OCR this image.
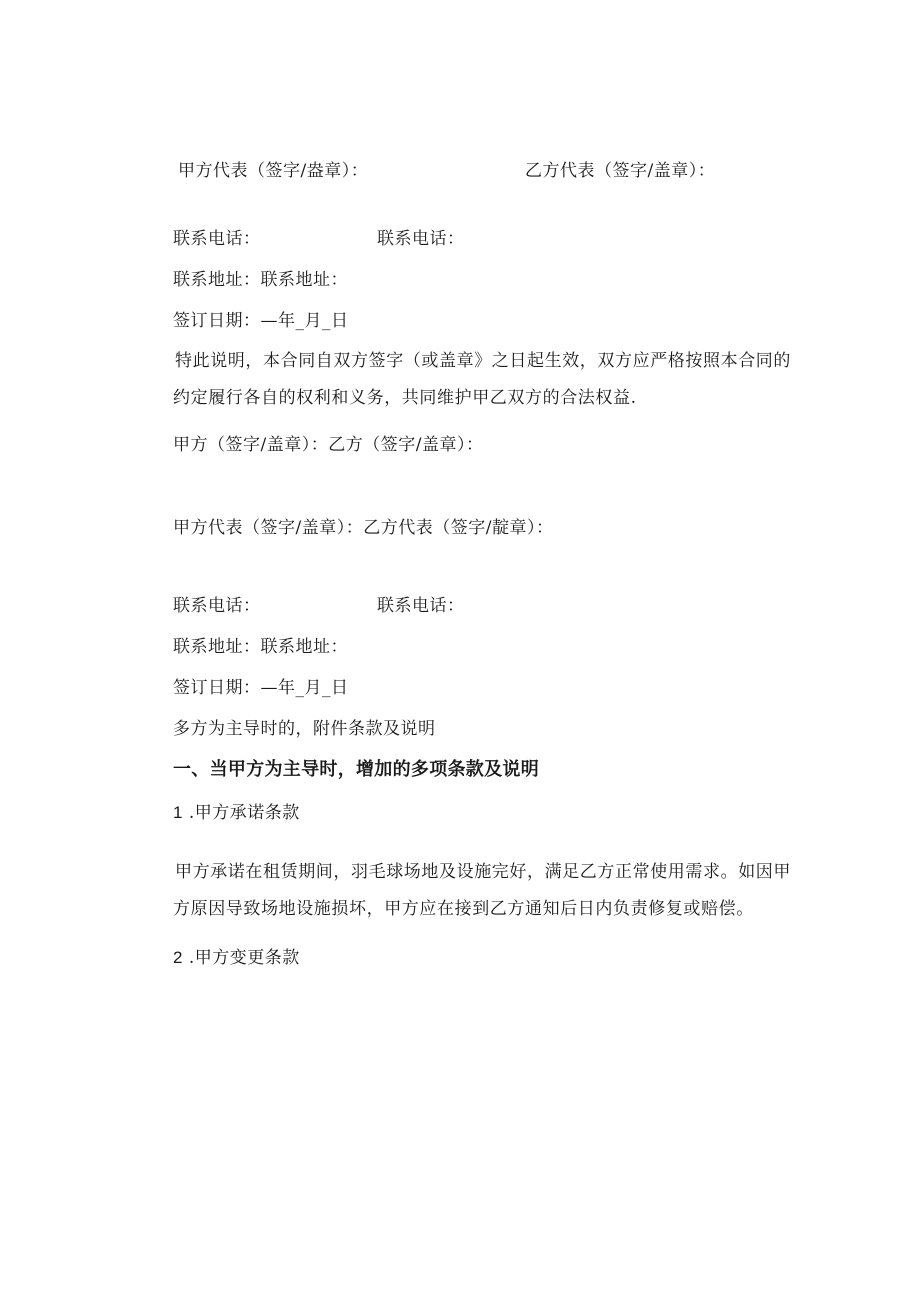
甲方代表（签字/盎章）：	乙方代表（签字/盖章）：
联系电话：	联系电话：
联系地址：联系地址：
签订日期：—年_月_日
特此说明，本合同自双方签字（或盖章》之日起生效，双方应严格按照本合同的约定履行各自的权利和义务，共同维护甲乙双方的合法权益.
甲方（签字/盖章）：乙方（签字/盖章）：
甲方代表（签字/盖章）：乙方代表（签字/靛章）：
联系电话：	联系电话：
联系地址：联系地址：
签订日期：—年_月_日
多方为主导时的，附件条款及说明
一、当甲方为主导时，增加的多项条款及说明
1 .甲方承诺条款
甲方承诺在租赁期间，羽毛球场地及设施完好，满足乙方正常使用需求。如因甲方原因导致场地设施损坏，甲方应在接到乙方通知后日内负责修复或赔偿。
2 .甲方变更条款
